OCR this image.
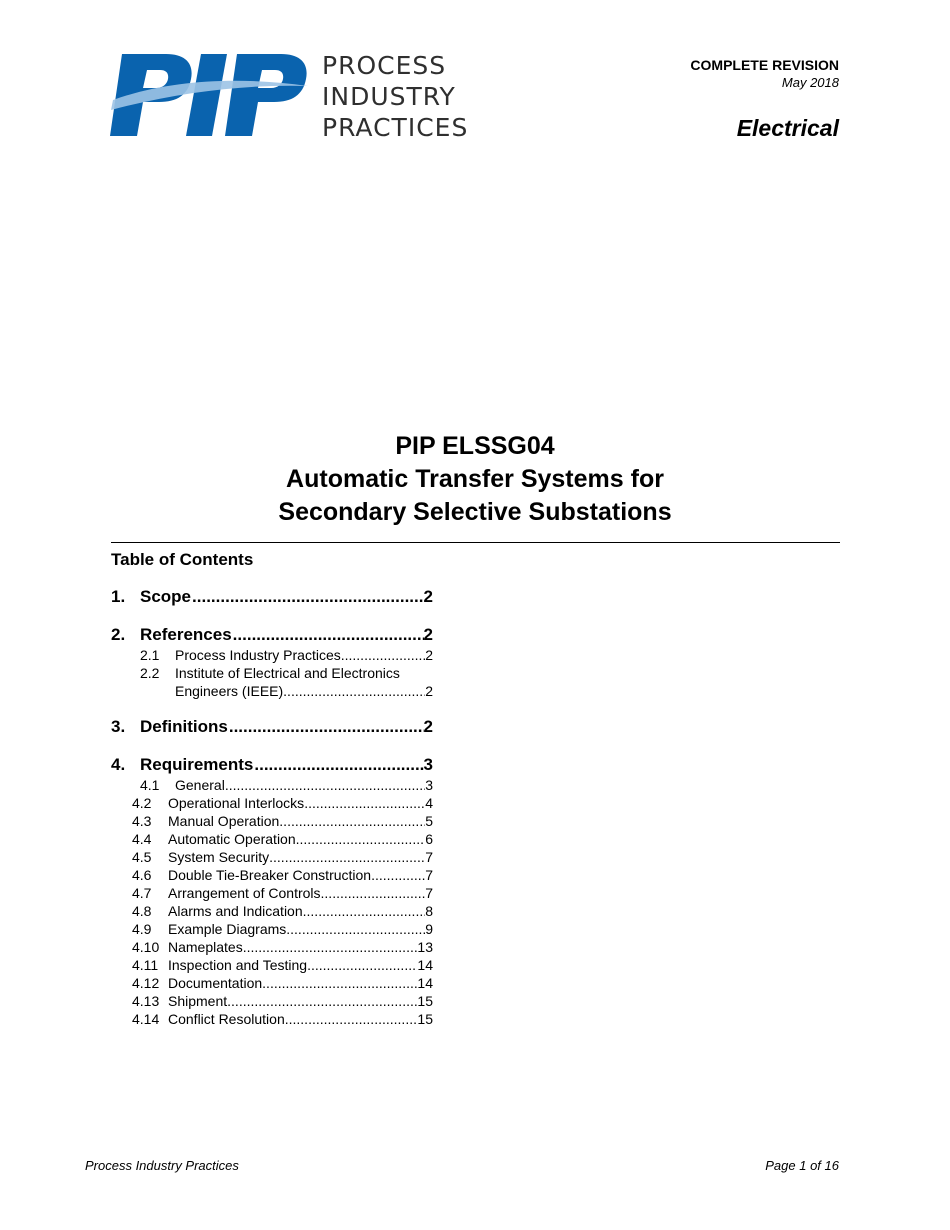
PROCESS
INDUSTRY
PRACTICES
COMPLETE REVISION
May 2018
Electrical
PIP ELSSG04
Automatic Transfer Systems for
Secondary Selective Substations
Table of Contents
1. Scope .....	2
2. References .....	2
2.1	Process Industry Practices .....	2
2.2	Institute of Electrical and Electronics
Engineers (IEEE) .....	2
3. Definitions .....	2
4. Requirements .....	3
4.1	General .....	3
4.2	Operational Interlocks .....	4
4.3	Manual Operation .....	5
4.4	Automatic Operation .....	6
4.5	System Security .....	7
4.6	Double Tie-Breaker Construction .....	7
4.7	Arrangement of Controls .....	7
4.8	Alarms and Indication .....	8
4.9	Example Diagrams .....	9
4.10 Nameplates .....	13
4.11 Inspection and Testing .....	14
4.12 Documentation .....	14
4.13 Shipment .....	15
4.14 Conflict Resolution .....	15
Process Industry Practices	Page 1 of 16
